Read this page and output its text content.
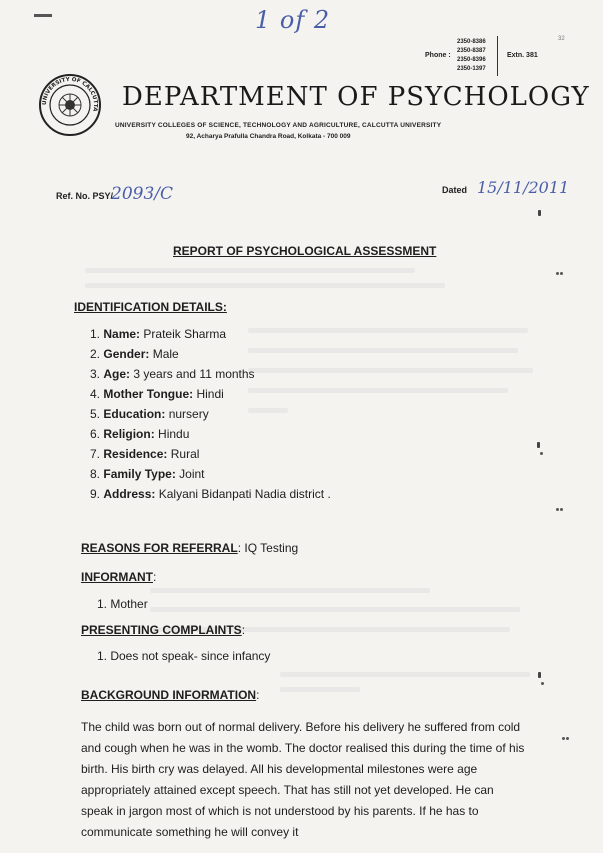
1 of 2
Phone :
2350-8386
2350-8387
2350-8396
2350-1397
Extn. 381
32
UNIVERSITY OF CALCUTTA DEPARTMENT OF PSYCHOLOGY
UNIVERSITY COLLEGES OF SCIENCE, TECHNOLOGY AND AGRICULTURE, CALCUTTA UNIVERSITY
92, Acharya Prafulla Chandra Road, Kolkata - 700 009
Ref. No. PSY/
2093/C	Dated 15/11/2011
REPORT OF PSYCHOLOGICAL ASSESSMENT
IDENTIFICATION DETAILS:
1. Name: Prateik Sharma
2. Gender: Male
3. Age: 3 years and 11 months
4. Mother Tongue: Hindi
5. Education: nursery
6. Religion: Hindu
7. Residence: Rural
8. Family Type: Joint
9. Address: Kalyani Bidanpati Nadia district .
REASONS FOR REFERRAL: IQ Testing
INFORMANT:
1. Mother
PRESENTING COMPLAINTS:
1. Does not speak- since infancy
BACKGROUND INFORMATION:
The child was born out of normal delivery. Before his delivery he suffered from cold and cough when he was in the womb. The doctor realised this during the time of his birth. His birth cry was delayed. All his developmental milestones were age appropriately attained except speech. That has still not yet developed. He can speak in jargon most of which is not understood by his parents. If he has to communicate something he will convey it
